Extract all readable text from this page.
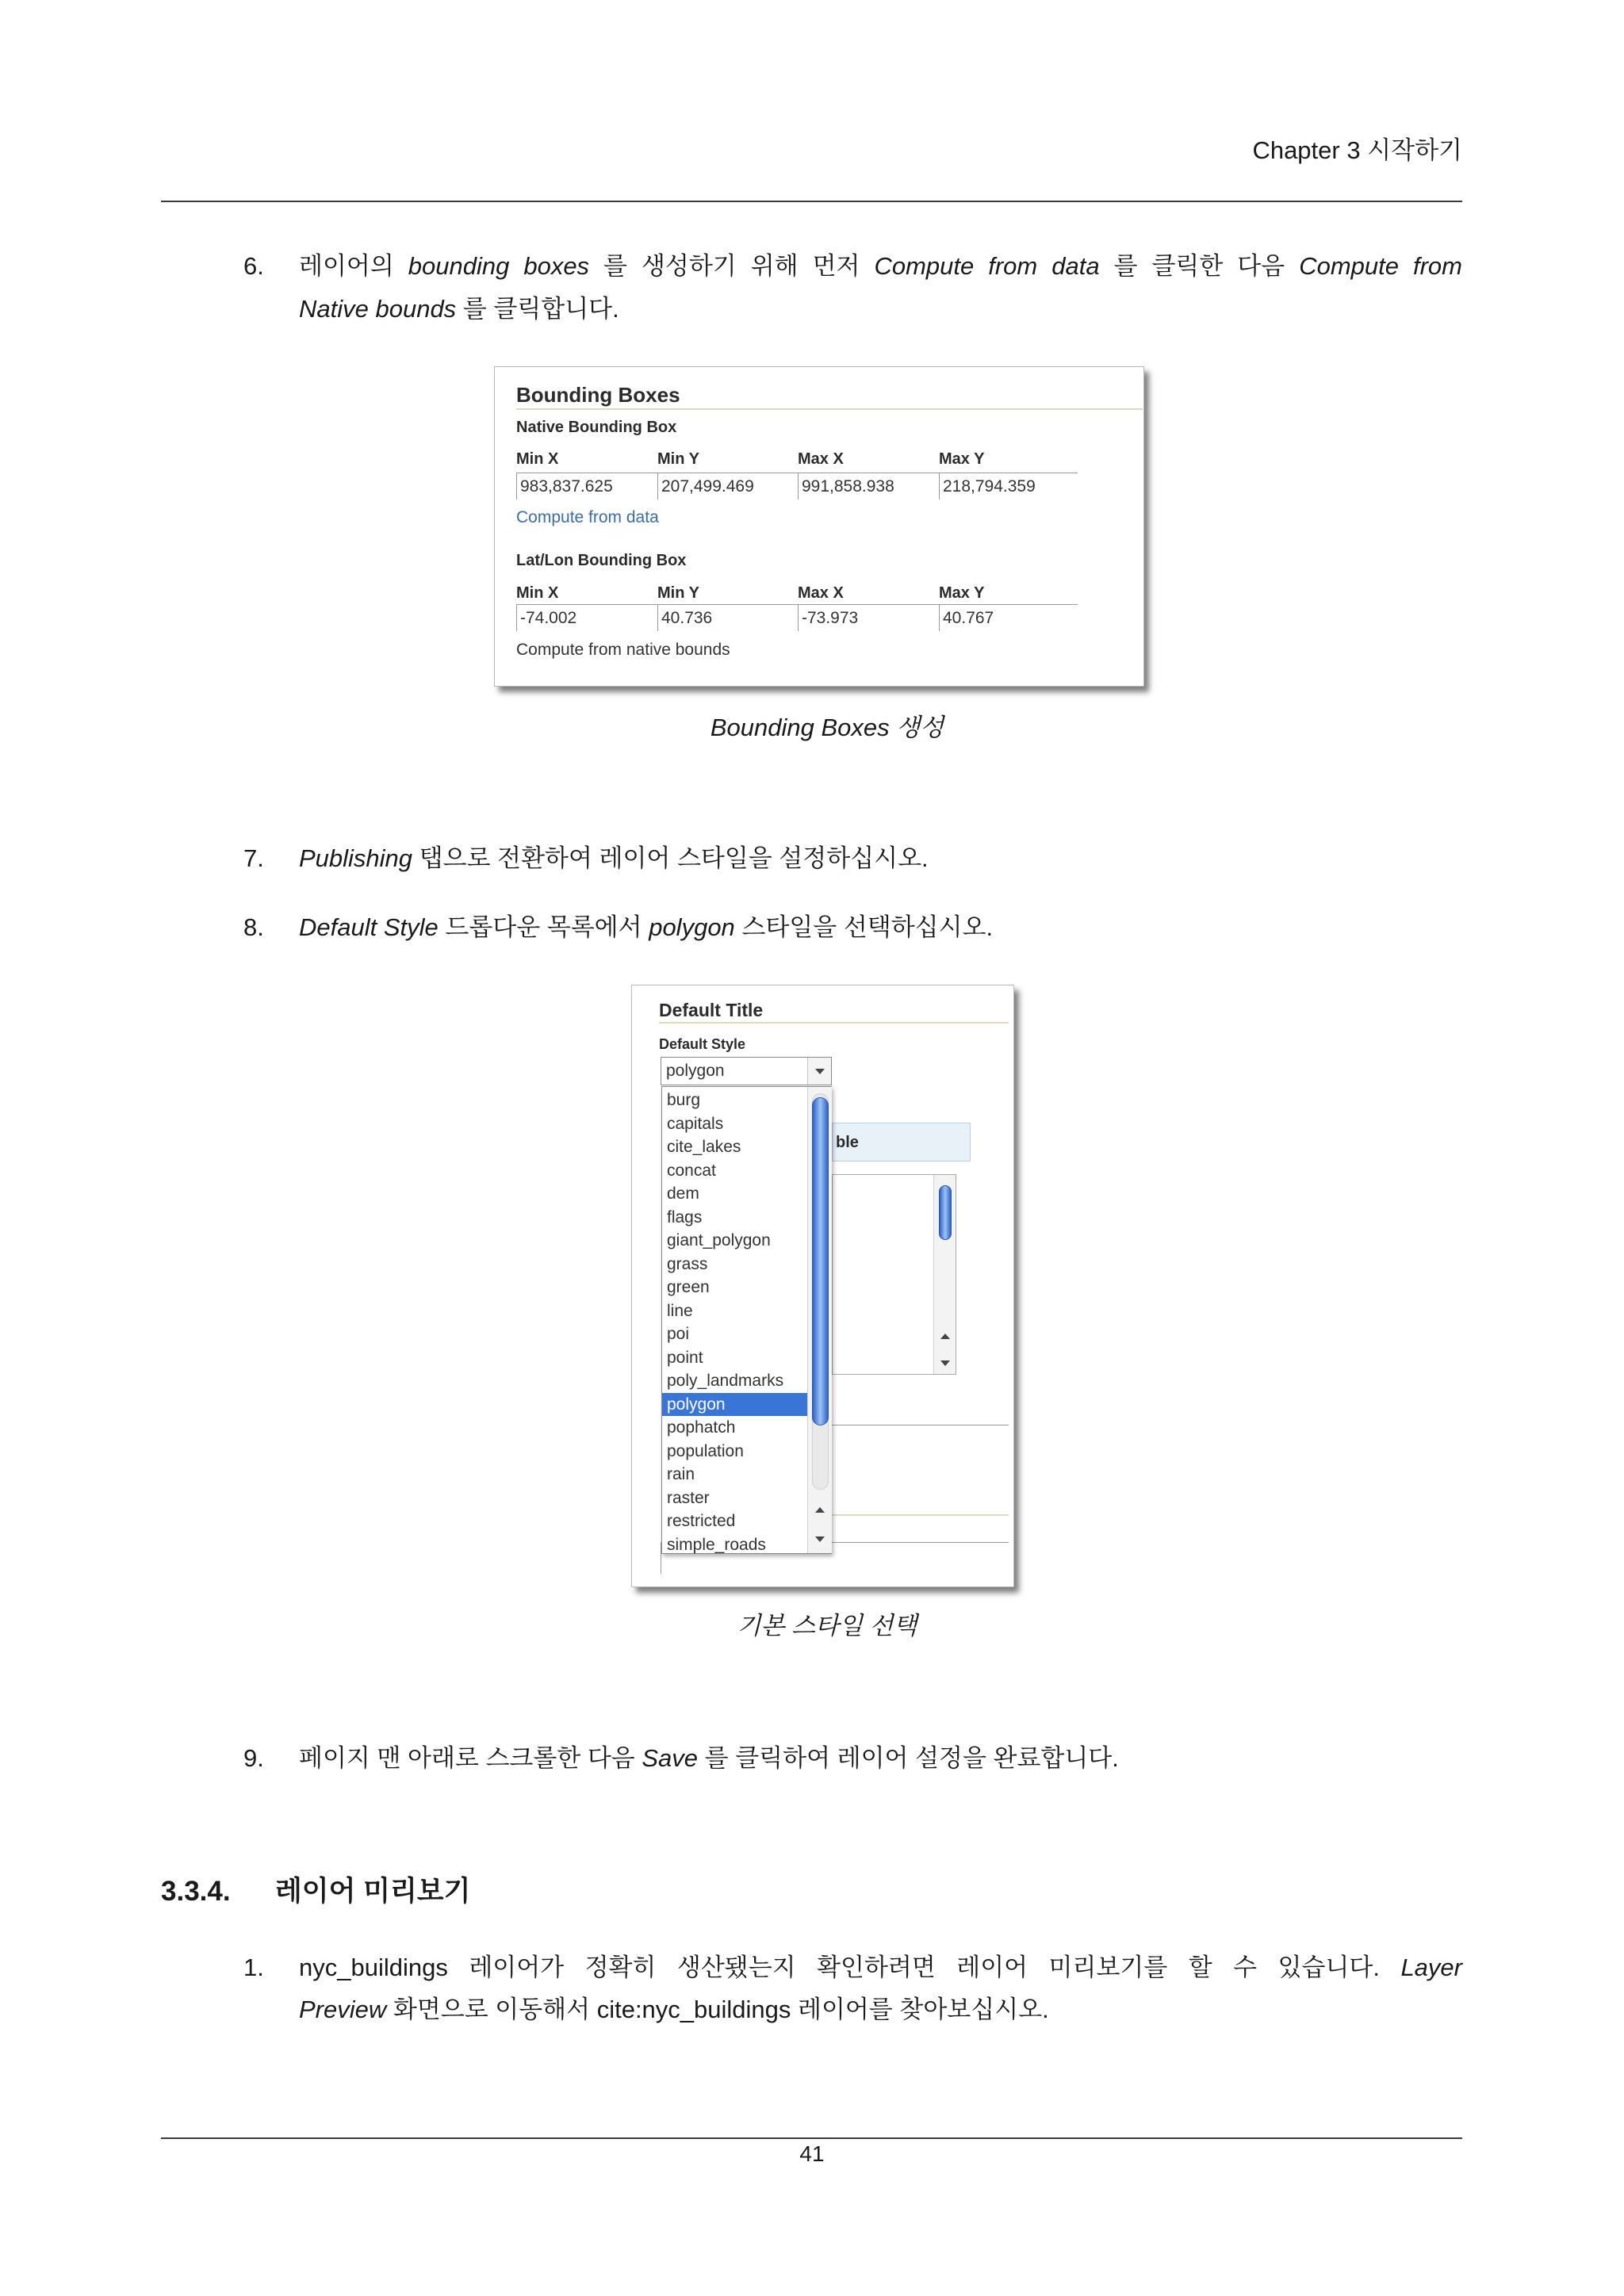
Chapter 3 시작하기
6. 레이어의 bounding boxes 를 생성하기 위해 먼저 Compute from data 를 클릭한 다음 Compute from
Native bounds 를 클릭합니다.
Bounding Boxes
Native Bounding Box
Min X	Min Y	Max X	Max Y
983,837.625	207,499.469	991,858.938	218,794.359
Compute from data
Lat/Lon Bounding Box
Min X	Min Y	Max X	Max Y
-74.002	40.736	-73.973	40.767
Compute from native bounds
Bounding Boxes 생성
7. Publishing 탭으로 전환하여 레이어 스타일을 설정하십시오.
8. Default Style 드롭다운 목록에서 polygon 스타일을 선택하십시오.
Default Title
Default Style
polygon
ble
burg
capitals
cite_lakes
concat
dem
flags
giant_polygon
grass
green
line
poi
point
poly_landmarks
polygon
pophatch
population
rain
raster
restricted
simple_roads
기본 스타일 선택
9. 페이지 맨 아래로 스크롤한 다음 Save 를 클릭하여 레이어 설정을 완료합니다.
3.3.4. 레이어 미리보기
1. nyc_buildings 레이어가 정확히 생산됐는지 확인하려면 레이어 미리보기를 할 수 있습니다. Layer
Preview 화면으로 이동해서 cite:nyc_buildings 레이어를 찾아보십시오.
41
